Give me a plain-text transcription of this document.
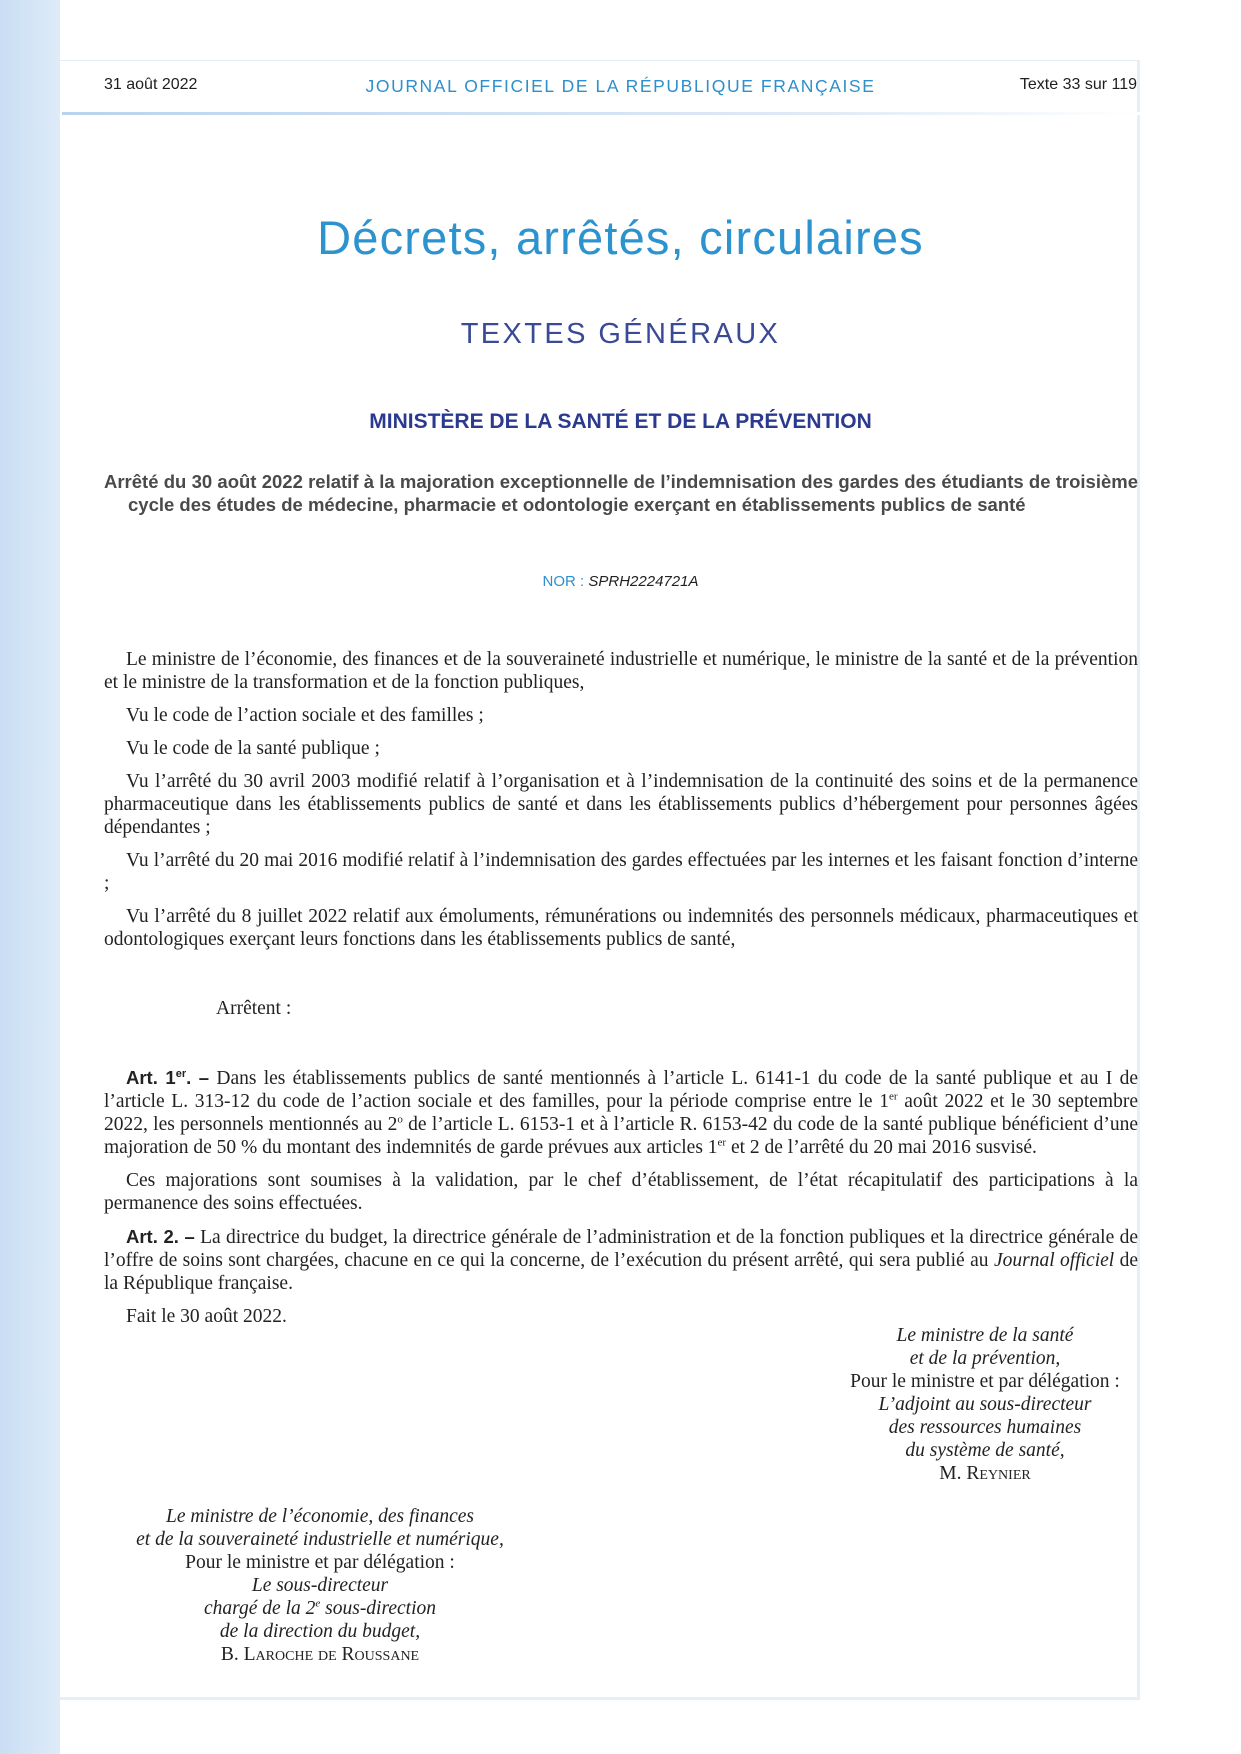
31 août 2022	JOURNAL OFFICIEL DE LA RÉPUBLIQUE FRANÇAISE	Texte 33 sur 119
Décrets, arrêtés, circulaires
TEXTES GÉNÉRAUX
MINISTÈRE DE LA SANTÉ ET DE LA PRÉVENTION
Arrêté du 30 août 2022 relatif à la majoration exceptionnelle de l’indemnisation des gardes des étudiants de troisième cycle des études de médecine, pharmacie et odontologie exerçant en établissements publics de santé
NOR : SPRH2224721A

Le ministre de l’économie, des finances et de la souveraineté industrielle et numérique, le ministre de la santé et de la prévention et le ministre de la transformation et de la fonction publiques,

Vu le code de l’action sociale et des familles ;

Vu le code de la santé publique ;

Vu l’arrêté du 30 avril 2003 modifié relatif à l’organisation et à l’indemnisation de la continuité des soins et de la permanence pharmaceutique dans les établissements publics de santé et dans les établissements publics d’hébergement pour personnes âgées dépendantes ;

Vu l’arrêté du 20 mai 2016 modifié relatif à l’indemnisation des gardes effectuées par les internes et les faisant fonction d’interne ;

Vu l’arrêté du 8 juillet 2022 relatif aux émoluments, rémunérations ou indemnités des personnels médicaux, pharmaceutiques et odontologiques exerçant leurs fonctions dans les établissements publics de santé,

Arrêtent :

Art. 1er. – Dans les établissements publics de santé mentionnés à l’article L. 6141-1 du code de la santé publique et au I de l’article L. 313-12 du code de l’action sociale et des familles, pour la période comprise entre le 1er août 2022 et le 30 septembre 2022, les personnels mentionnés au 2$^o$ de l’article L. 6153-1 et à l’article R. 6153-42 du code de la santé publique bénéficient d’une majoration de 50 % du montant des indemnités de garde prévues aux articles 1er et 2 de l’arrêté du 20 mai 2016 susvisé.

Ces majorations sont soumises à la validation, par le chef d’établissement, de l’état récapitulatif des participations à la permanence des soins effectuées.

Art. 2. – La directrice du budget, la directrice générale de l’administration et de la fonction publiques et la directrice générale de l’offre de soins sont chargées, chacune en ce qui la concerne, de l’exécution du présent arrêté, qui sera publié au Journal officiel de la République française.

Fait le 30 août 2022.

Le ministre de la santé
et de la prévention,
Pour le ministre et par délégation :
L’adjoint au sous-directeur
des ressources humaines
du système de santé,
M. Reynier
Le ministre de l’économie, des finances
et de la souveraineté industrielle et numérique,
Pour le ministre et par délégation :
Le sous-directeur
chargé de la 2e sous-direction
de la direction du budget,
B. Laroche de Roussane
